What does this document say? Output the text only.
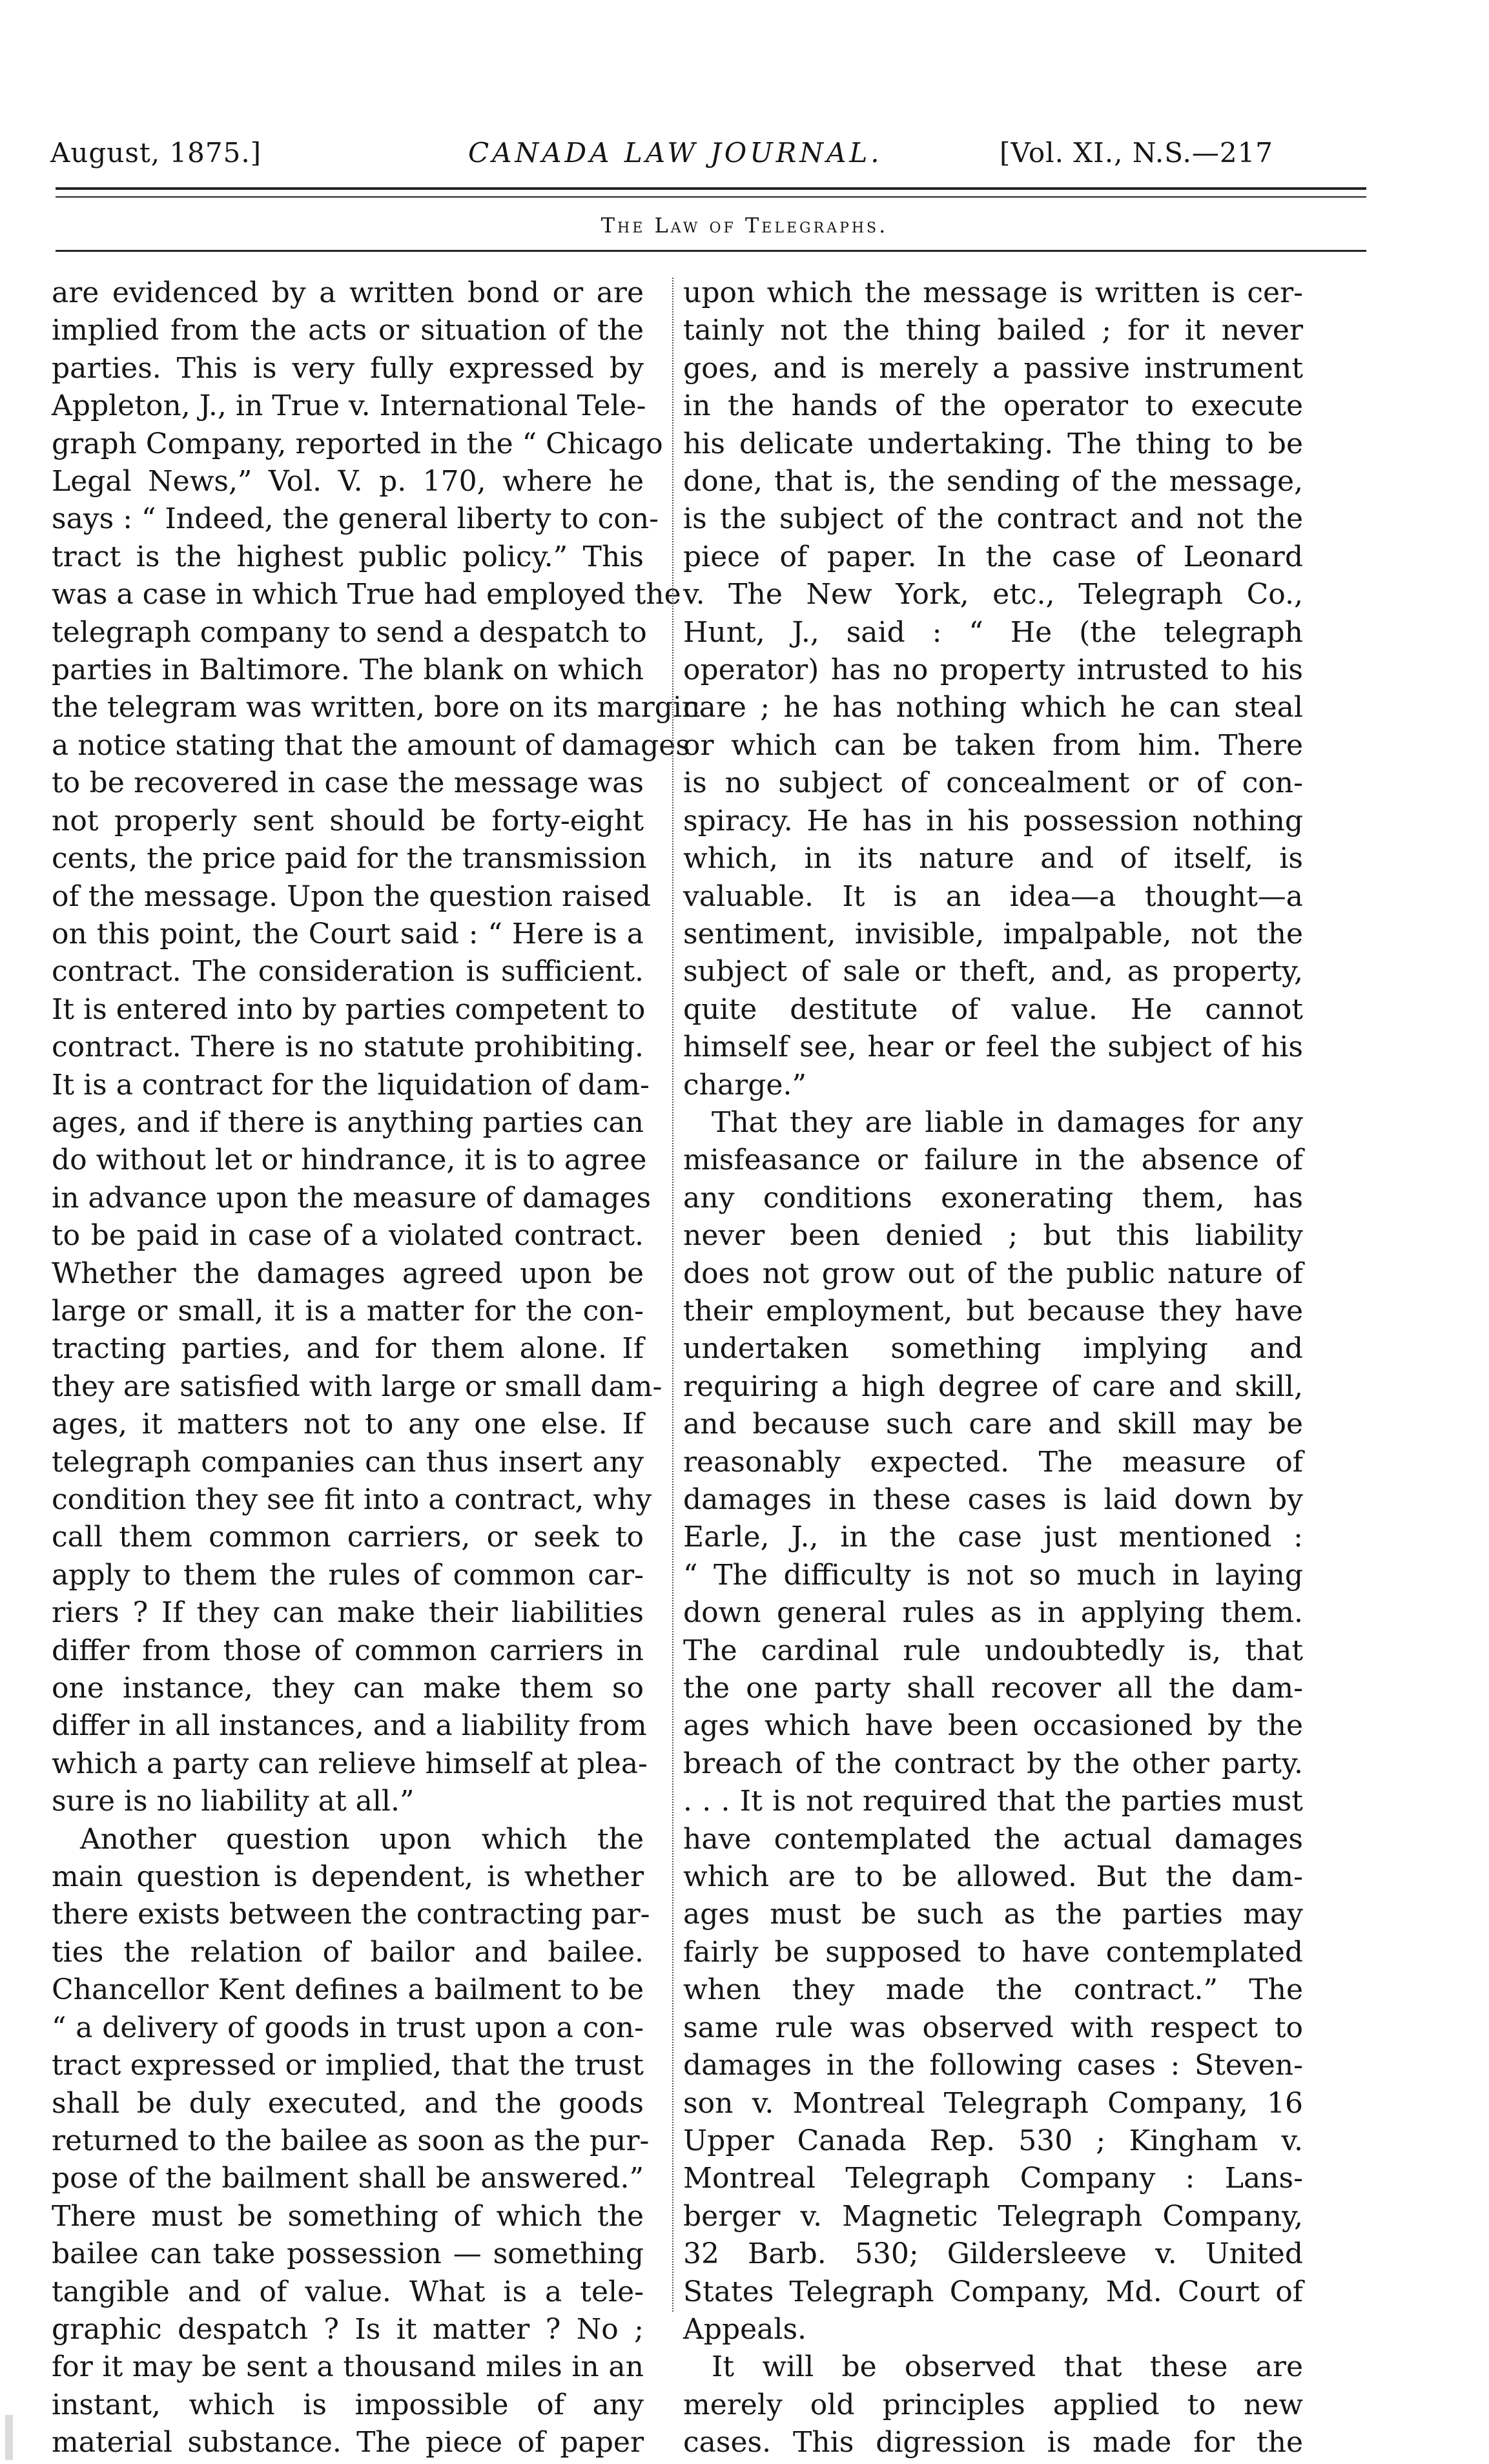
August, 1875.]	CANADA LAW JOURNAL.	[Vol. XI., N.S.—217
The Law of Telegraphs.
are evidenced by a written bond or are
implied from the acts or situation of the
parties. This is very fully expressed by
Appleton, J., in True v. International Tele-
graph Company, reported in the “ Chicago
Legal News,” Vol. V. p. 170, where he
says : “ Indeed, the general liberty to con-
tract is the highest public policy.” This
was a case in which True had employed the
telegraph company to send a despatch to
parties in Baltimore. The blank on which
the telegram was written, bore on its margin
a notice stating that the amount of damages
to be recovered in case the message was
not properly sent should be forty-eight
cents, the price paid for the transmission
of the message. Upon the question raised
on this point, the Court said : “ Here is a
contract. The consideration is sufficient.
It is entered into by parties competent to
contract. There is no statute prohibiting.
It is a contract for the liquidation of dam-
ages, and if there is anything parties can
do without let or hindrance, it is to agree
in advance upon the measure of damages
to be paid in case of a violated contract.
Whether the damages agreed upon be
large or small, it is a matter for the con-
tracting parties, and for them alone. If
they are satisfied with large or small dam-
ages, it matters not to any one else. If
telegraph companies can thus insert any
condition they see fit into a contract, why
call them common carriers, or seek to
apply to them the rules of common car-
riers ? If they can make their liabilities
differ from those of common carriers in
one instance, they can make them so
differ in all instances, and a liability from
which a party can relieve himself at plea-
sure is no liability at all.”
Another question upon which the
main question is dependent, is whether
there exists between the contracting par-
ties the relation of bailor and bailee.
Chancellor Kent defines a bailment to be
“ a delivery of goods in trust upon a con-
tract expressed or implied, that the trust
shall be duly executed, and the goods
returned to the bailee as soon as the pur-
pose of the bailment shall be answered.”
There must be something of which the
bailee can take possession — something
tangible and of value. What is a tele-
graphic despatch ? Is it matter ? No ;
for it may be sent a thousand miles in an
instant, which is impossible of any
material substance. The piece of paper
upon which the message is written is cer-
tainly not the thing bailed ; for it never
goes, and is merely a passive instrument
in the hands of the operator to execute
his delicate undertaking. The thing to be
done, that is, the sending of the message,
is the subject of the contract and not the
piece of paper. In the case of Leonard
v. The New York, etc., Telegraph Co.,
Hunt, J., said : “ He (the telegraph
operator) has no property intrusted to his
care ; he has nothing which he can steal
or which can be taken from him. There
is no subject of concealment or of con-
spiracy. He has in his possession nothing
which, in its nature and of itself, is
valuable. It is an idea—a thought—a
sentiment, invisible, impalpable, not the
subject of sale or theft, and, as property,
quite destitute of value. He cannot
himself see, hear or feel the subject of his
charge.”
That they are liable in damages for any
misfeasance or failure in the absence of
any conditions exonerating them, has
never been denied ; but this liability
does not grow out of the public nature of
their employment, but because they have
undertaken something implying and
requiring a high degree of care and skill,
and because such care and skill may be
reasonably expected. The measure of
damages in these cases is laid down by
Earle, J., in the case just mentioned :
“ The difficulty is not so much in laying
down general rules as in applying them.
The cardinal rule undoubtedly is, that
the one party shall recover all the dam-
ages which have been occasioned by the
breach of the contract by the other party.
. . . It is not required that the parties must
have contemplated the actual damages
which are to be allowed. But the dam-
ages must be such as the parties may
fairly be supposed to have contemplated
when they made the contract.” The
same rule was observed with respect to
damages in the following cases : Steven-
son v. Montreal Telegraph Company, 16
Upper Canada Rep. 530 ; Kingham v.
Montreal Telegraph Company : Lans-
berger v. Magnetic Telegraph Company,
32 Barb. 530; Gildersleeve v. United
States Telegraph Company, Md. Court of
Appeals.
It will be observed that these are
merely old principles applied to new
cases. This digression is made for the
